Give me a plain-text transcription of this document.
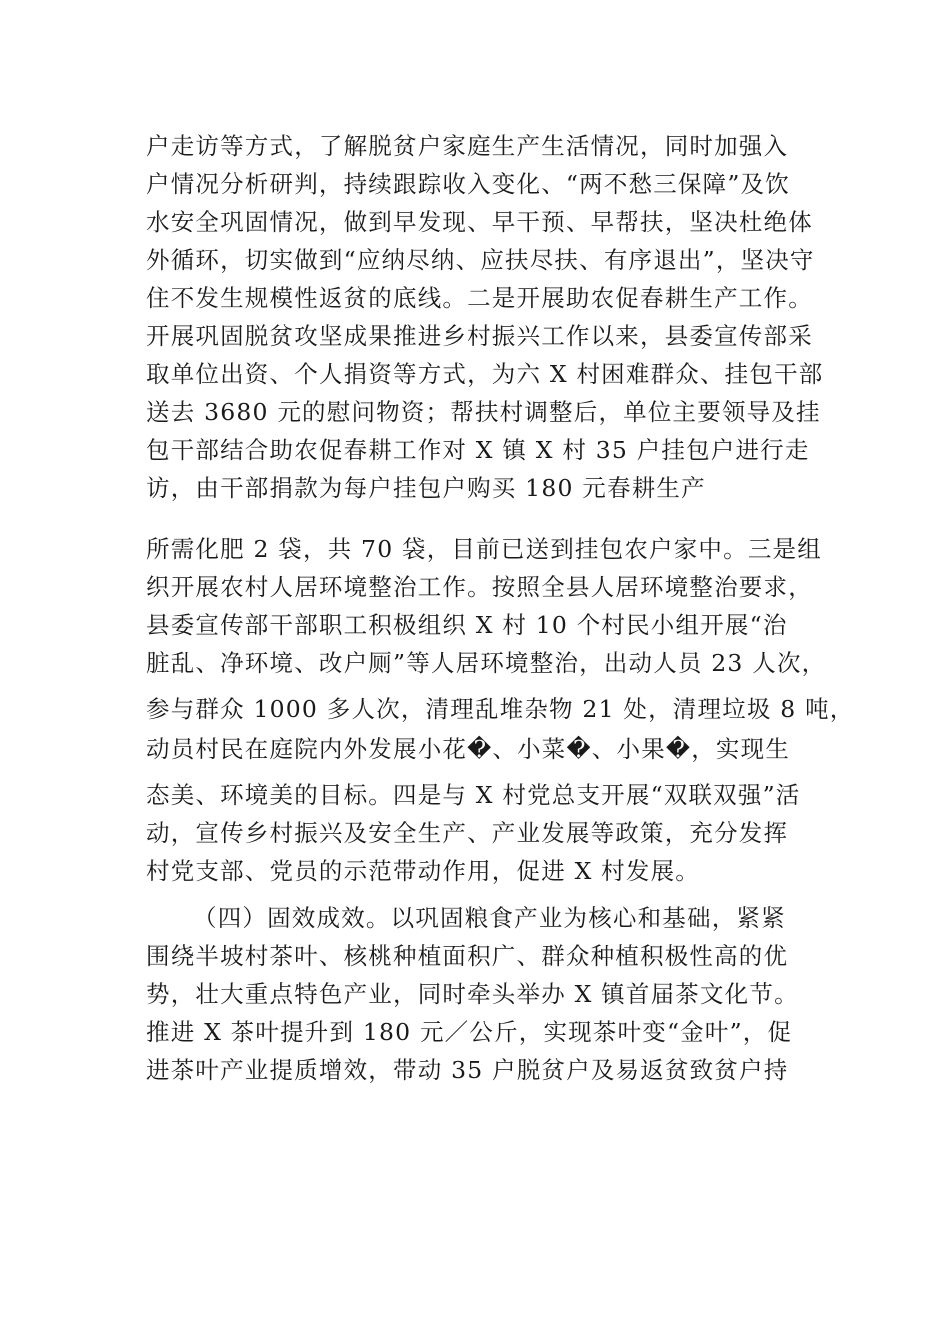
户走访等方式，了解脱贫户家庭生产生活情况，同时加强入
户情况分析研判，持续跟踪收入变化、“两不愁三保障”及饮
水安全巩固情况，做到早发现、早干预、早帮扶，坚决杜绝体
外循环，切实做到“应纳尽纳、应扶尽扶、有序退出”，坚决守
住不发生规模性返贫的底线。二是开展助农促春耕生产工作。
开展巩固脱贫攻坚成果推进乡村振兴工作以来，县委宣传部采
取单位出资、个人捐资等方式，为六 X 村困难群众、挂包干部
送去 3680 元的慰问物资；帮扶村调整后，单位主要领导及挂
包干部结合助农促春耕工作对 X 镇 X 村 35 户挂包户进行走
访，由干部捐款为每户挂包户购买 180 元春耕生产
所需化肥 2 袋，共 70 袋，目前已送到挂包农户家中。三是组
织开展农村人居环境整治工作。按照全县人居环境整治要求，
县委宣传部干部职工积极组织 X 村 10 个村民小组开展“治
脏乱、净环境、改户厕”等人居环境整治，出动人员 23 人次，
参与群众 1000 多人次，清理乱堆杂物 21 处，清理垃圾 8 吨，
动员村民在庭院内外发展小花�、小菜�、小果�，实现生
态美、环境美的目标。四是与 X 村党总支开展“双联双强”活
动，宣传乡村振兴及安全生产、产业发展等政策，充分发挥
村党支部、党员的示范带动作用，促进 X 村发展。
（四）固效成效。以巩固粮食产业为核心和基础，紧紧
围绕半坡村茶叶、核桃种植面积广、群众种植积极性高的优
势，壮大重点特色产业，同时牵头举办 X 镇首届茶文化节。
推进 X 茶叶提升到 180 元／公斤，实现茶叶变“金叶”，促
进茶叶产业提质增效，带动 35 户脱贫户及易返贫致贫户持
